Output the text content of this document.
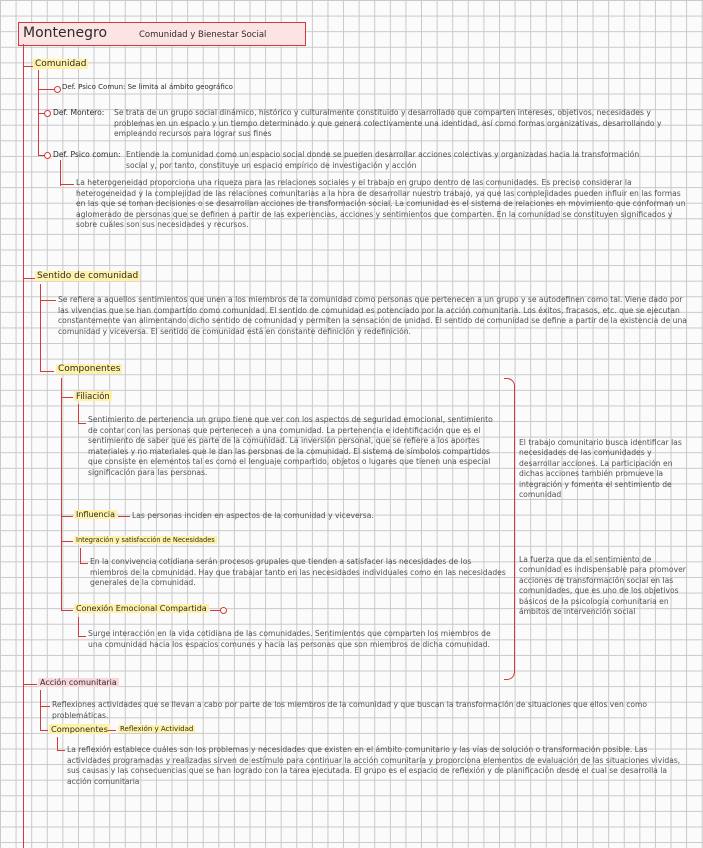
Montenegro	Comunidad y Bienestar Social
Comunidad
Def. Psico Comun: Se limita al ámbito geográfico
Def. Montero:	Se trata de un grupo social dinámico, histórico y culturalmente constituido y desarrollado que comparten intereses, objetivos, necesidades y problemas en un espacio y un tiempo determinado y que genera colectivamente una identidad, así como formas organizativas, desarrollando y empleando recursos para lograr sus fines
Def. Psico comun: Entiende la comunidad como un espacio social donde se pueden desarrollar acciones colectivas y organizadas hacia la transformación social y, por tanto, constituye un espacio empírico de investigación y acción
La heterogeneidad proporciona una riqueza para las relaciones sociales y el trabajo en grupo dentro de las comunidades. Es preciso considerar la heterogeneidad y la complejidad de las relaciones comunitarias a la hora de desarrollar nuestro trabajo, ya que las complejidades pueden influir en las formas en las que se toman decisiones o se desarrollan acciones de transformación social. La comunidad es el sistema de relaciones en movimiento que conforman un aglomerado de personas que se definen a partir de las experiencias, acciones y sentimientos que comparten. En la comunidad se constituyen significados y sobre cuáles son sus necesidades y recursos.
Sentido de comunidad
Se refiere a aquellos sentimientos que unen a los miembros de la comunidad como personas que pertenecen a un grupo y se autodefinen como tal. Viene dado por las vivencias que se han compartido como comunidad. El sentido de comunidad es potenciado por la acción comunitaria. Los éxitos, fracasos, etc. que se ejecutan constantemente van alimentando dicho sentido de comunidad y permiten la sensación de unidad. El sentido de comunidad se define a partir de la existencia de una comunidad y viceversa. El sentido de comunidad está en constante definición y redefinición.
Componentes
Filiación
Sentimiento de pertenencia un grupo tiene que ver con los aspectos de seguridad emocional, sentimiento de contar con las personas que pertenecen a una comunidad. La pertenencia e identificación que es el sentimiento de saber que es parte de la comunidad. La inversión personal, que se refiere a los aportes materiales y no materiales que le dan las personas de la comunidad. El sistema de símbolos compartidos que consiste en elementos tal es como el lenguaje compartido, objetos o lugares que tienen una especial significación para las personas.
Influencia Las personas inciden en aspectos de la comunidad y viceversa.
Integración y satisfacción de Necesidades
En la convivencia cotidiana serán procesos grupales que tienden a satisfacer las necesidades de los miembros de la comunidad. Hay que trabajar tanto en las necesidades individuales como en las necesidades generales de la comunidad.
Conexión Emocional Compartida
Surge interacción en la vida cotidiana de las comunidades. Sentimientos que comparten los miembros de una comunidad hacia los espacios comunes y hacia las personas que son miembros de dicha comunidad.
El trabajo comunitario busca identificar las necesidades de las comunidades y desarrollar acciones. La participación en dichas acciones también promueve la integración y fomenta el sentimiento de comunidad
La fuerza que da el sentimiento de comunidad es indispensable para promover acciones de transformación social en las comunidades, que es uno de los objetivos básicos de la psicología comunitaria en ámbitos de intervención social
Acción comunitaria
Reflexiones actividades que se llevan a cabo por parte de los miembros de la comunidad y que buscan la transformación de situaciones que ellos ven como problemáticas.
Componentes Reflexión y Actividad
La reflexión establece cuáles son los problemas y necesidades que existen en el ámbito comunitario y las vías de solución o transformación posible. Las actividades programadas y realizadas sirven de estímulo para continuar la acción comunitaria y proporciona elementos de evaluación de las situaciones vividas, sus causas y las consecuencias que se han logrado con la tarea ejecutada. El grupo es el espacio de reflexión y de planificación desde el cual se desarrolla la acción comunitaria
